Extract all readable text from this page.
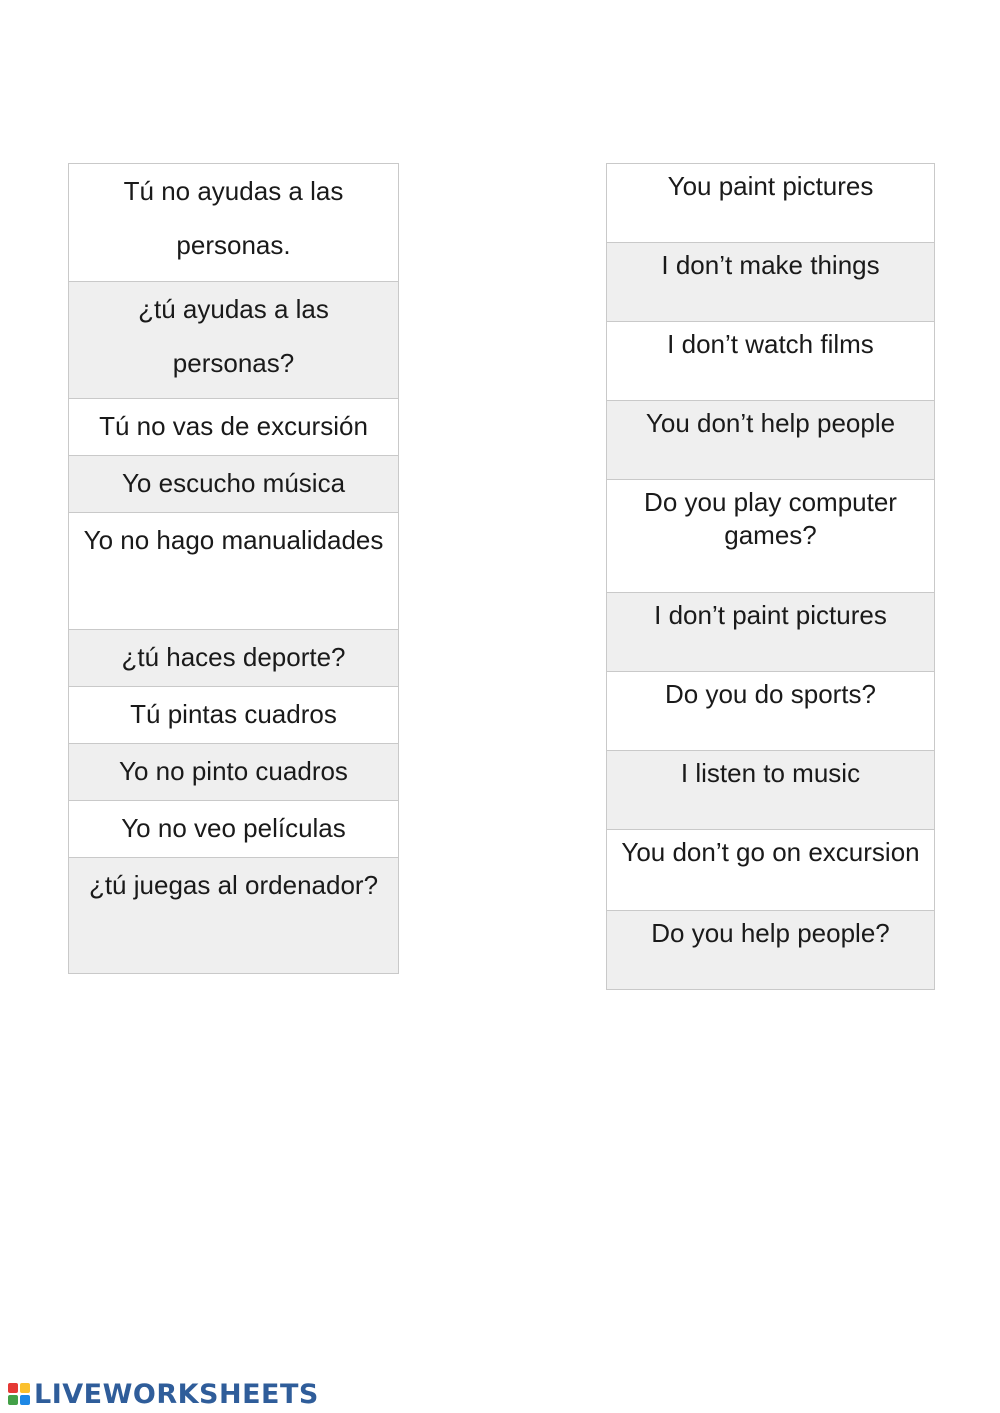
Tú no ayudas a las personas.
¿tú ayudas a las personas?
Tú no vas de excursión
Yo escucho música
Yo no hago manualidades
¿tú haces deporte?
Tú pintas cuadros
Yo no pinto cuadros
Yo no veo películas
¿tú juegas al ordenador?
You paint pictures
I don’t make things
I don’t watch films
You don’t help people
Do you play computer games?
I don’t paint pictures
Do you do sports?
I listen to music
You don’t go on excursion
Do you help people?
LIVEWORKSHEETS
